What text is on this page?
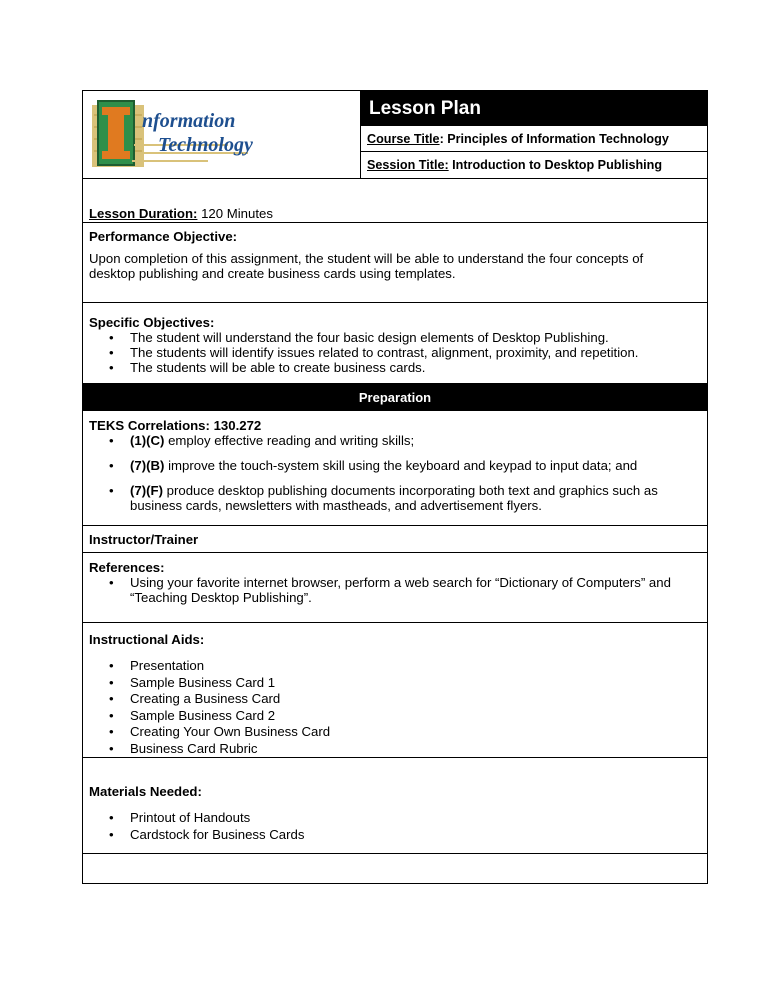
nformation
Technology
Lesson Plan
Course Title: Principles of Information Technology
Session Title: Introduction to Desktop Publishing

Lesson Duration: 120 Minutes

Performance Objective:

Upon completion of this assignment, the student will be able to understand the four concepts of desktop publishing and create business cards using templates.

Specific Objectives:

• The student will understand the four basic design elements of Desktop Publishing.
• The students will identify issues related to contrast, alignment, proximity, and repetition.
• The students will be able to create business cards.
Preparation

TEKS Correlations: 130.272

• (1)(C) employ effective reading and writing skills;
• (7)(B) improve the touch-system skill using the keyboard and keypad to input data; and
• (7)(F) produce desktop publishing documents incorporating both text and graphics such as business cards, newsletters with mastheads, and advertisement flyers.

Instructor/Trainer

References:

• Using your favorite internet browser, perform a web search for “Dictionary of Computers” and “Teaching Desktop Publishing”.

Instructional Aids:

• Presentation
• Sample Business Card 1
• Creating a Business Card
• Sample Business Card 2
• Creating Your Own Business Card
• Business Card Rubric

Materials Needed:

• Printout of Handouts
• Cardstock for Business Cards
